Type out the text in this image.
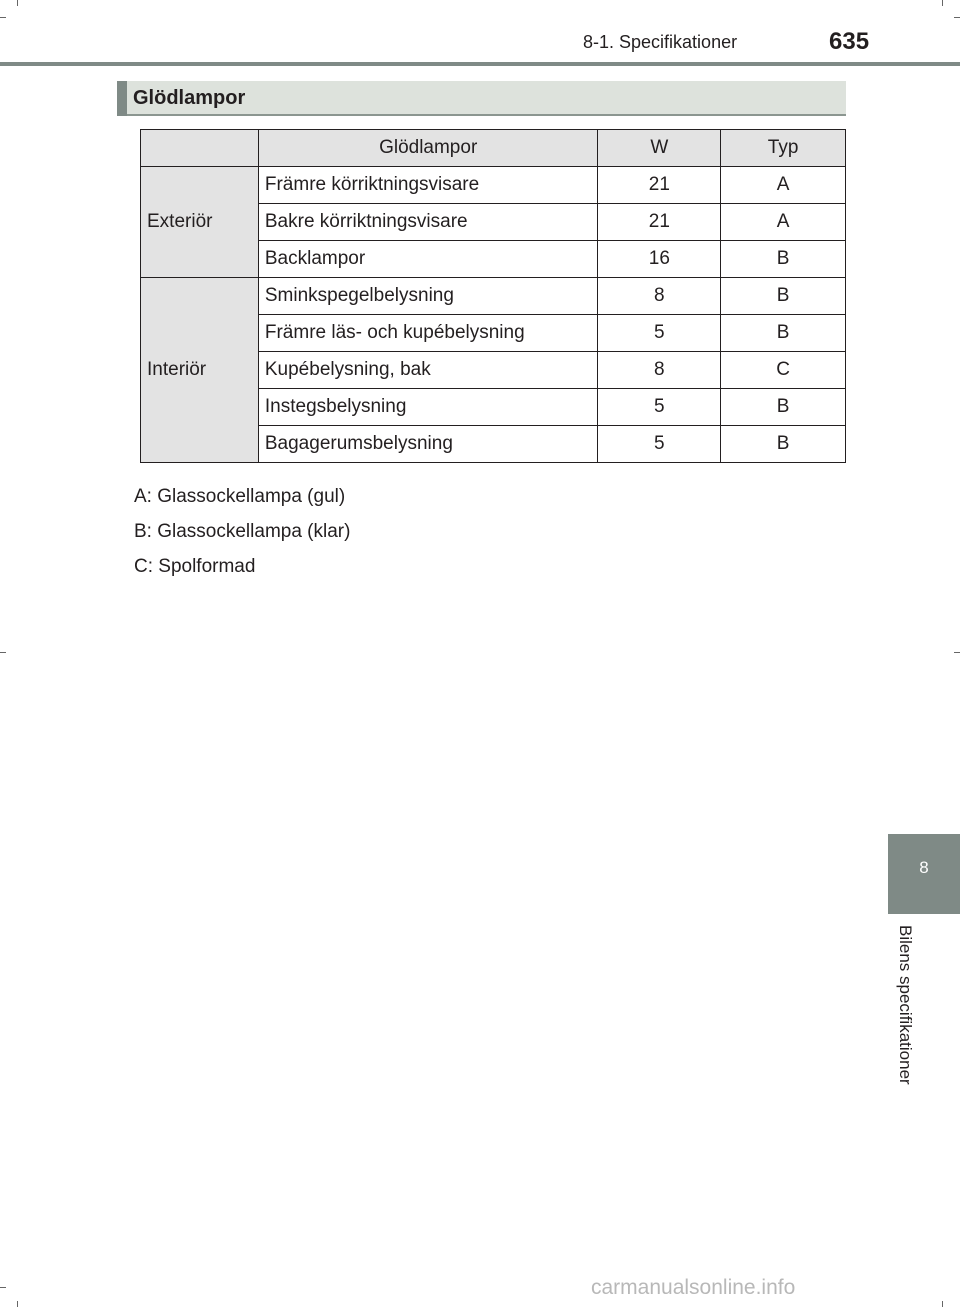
8-1. Specifikationer	635
Glödlampor
	Glödlampor	W	Typ
Exteriör	Främre körriktningsvisare	21	A
	Bakre körriktningsvisare	21	A
	Backlampor	16	B
Interiör	Sminkspegelbelysning	8	B
	Främre läs- och kupébelysning	5	B
	Kupébelysning, bak	8	C
	Instegsbelysning	5	B
	Bagagerumsbelysning	5	B
A: Glassockellampa (gul)
B: Glassockellampa (klar)
C: Spolformad
8
Bilens specifikationer
carmanualsonline.info
